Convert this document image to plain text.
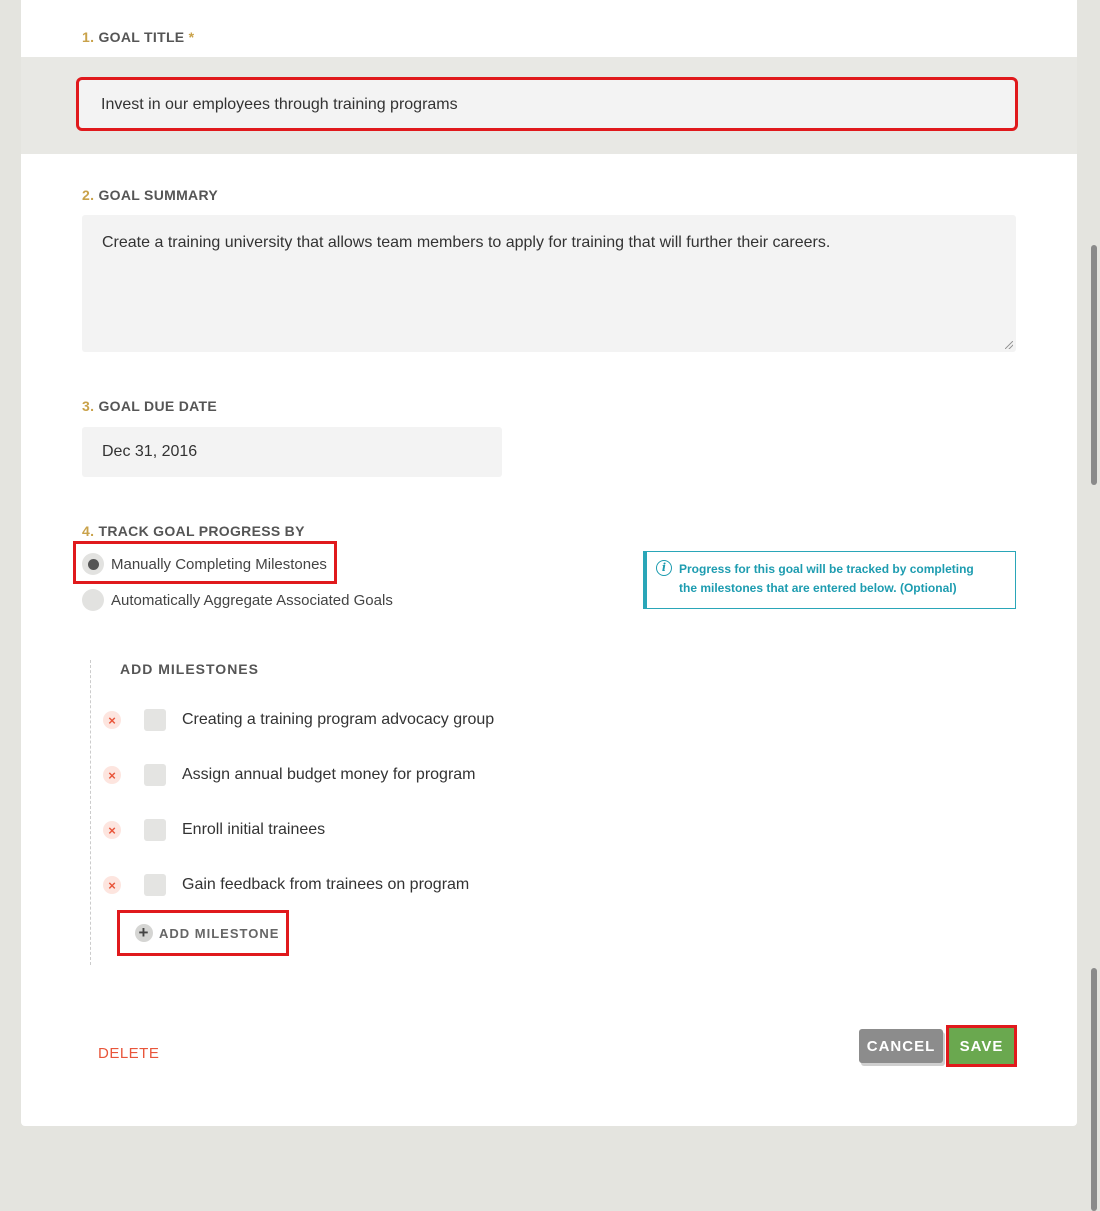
1. GOAL TITLE *
Invest in our employees through training programs
2. GOAL SUMMARY
Create a training university that allows team members to apply for training that will further their careers.
3. GOAL DUE DATE
Dec 31, 2016
4. TRACK GOAL PROGRESS BY
Manually Completing Milestones
Automatically Aggregate Associated Goals
i	Progress for this goal will be tracked by completing
the milestones that are entered below. (Optional)
ADD MILESTONES
×	Creating a training program advocacy group
×	Assign annual budget money for program
×	Enroll initial trainees
×	Gain feedback from trainees on program
+ ADD MILESTONE
DELETE	CANCEL	SAVE
